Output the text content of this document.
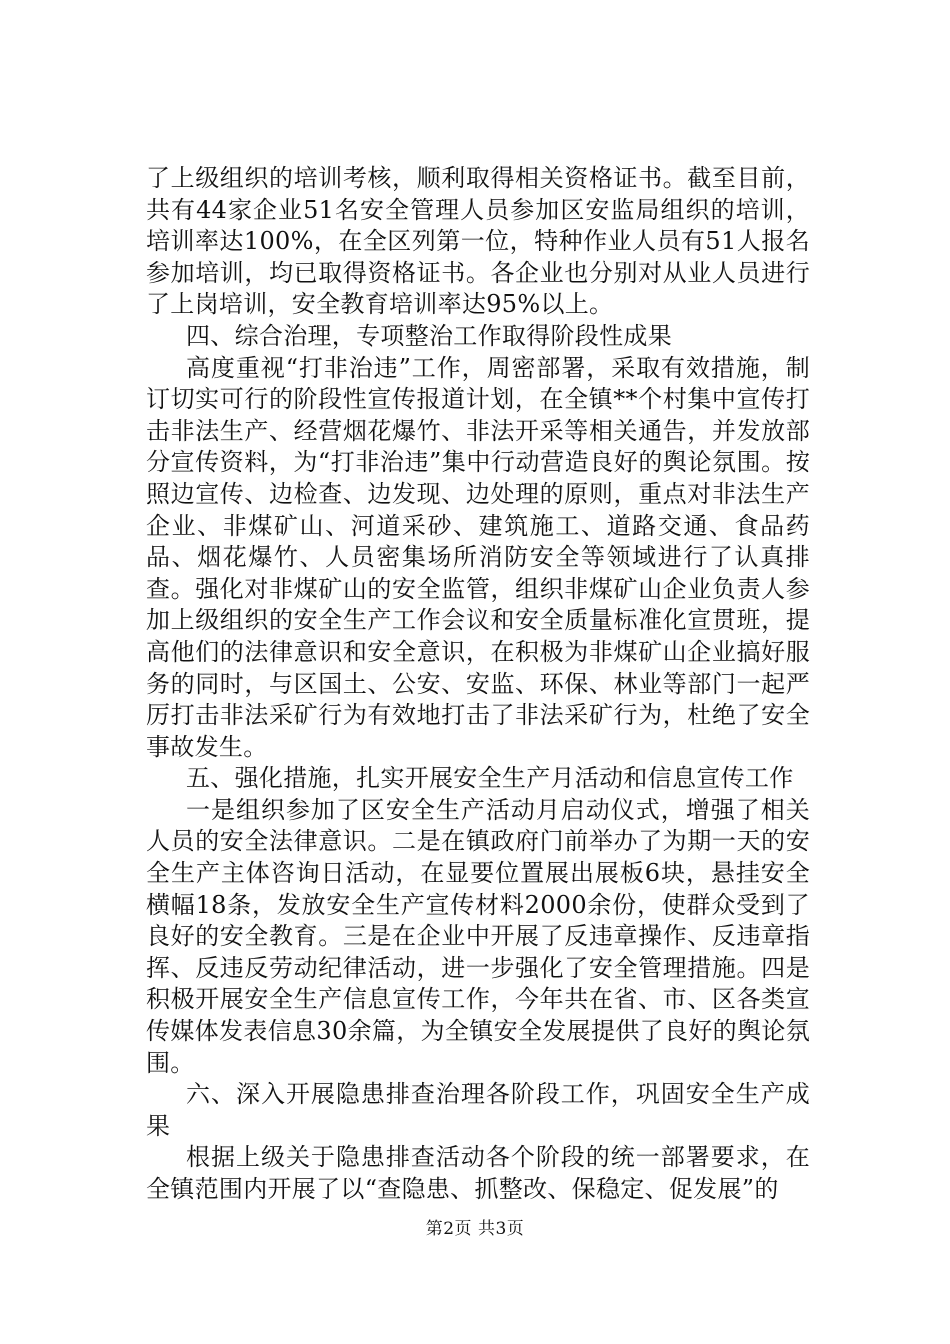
了上级组织的培训考核，顺利取得相关资格证书。截至目前，共有44家企业51名安全管理人员参加区安监局组织的培训，培训率达100%，在全区列第一位，特种作业人员有51人报名参加培训，均已取得资格证书。各企业也分别对从业人员进行了上岗培训，安全教育培训率达95%以上。

四、综合治理，专项整治工作取得阶段性成果

高度重视“打非治违”工作，周密部署，采取有效措施，制订切实可行的阶段性宣传报道计划，在全镇**个村集中宣传打击非法生产、经营烟花爆竹、非法开采等相关通告，并发放部分宣传资料，为“打非治违”集中行动营造良好的舆论氛围。按照边宣传、边检查、边发现、边处理的原则，重点对非法生产企业、非煤矿山、河道采砂、建筑施工、道路交通、食品药品、烟花爆竹、人员密集场所消防安全等领域进行了认真排查。强化对非煤矿山的安全监管，组织非煤矿山企业负责人参加上级组织的安全生产工作会议和安全质量标准化宣贯班，提高他们的法律意识和安全意识，在积极为非煤矿山企业搞好服务的同时，与区国土、公安、安监、环保、林业等部门一起严厉打击非法采矿行为有效地打击了非法采矿行为，杜绝了安全事故发生。

五、强化措施，扎实开展安全生产月活动和信息宣传工作

一是组织参加了区安全生产活动月启动仪式，增强了相关人员的安全法律意识。二是在镇政府门前举办了为期一天的安全生产主体咨询日活动，在显要位置展出展板6块，悬挂安全横幅18条，发放安全生产宣传材料2000余份，使群众受到了良好的安全教育。三是在企业中开展了反违章操作、反违章指挥、反违反劳动纪律活动，进一步强化了安全管理措施。四是积极开展安全生产信息宣传工作，今年共在省、市、区各类宣传媒体发表信息30余篇，为全镇安全发展提供了良好的舆论氛围。

六、深入开展隐患排查治理各阶段工作，巩固安全生产成果

根据上级关于隐患排查活动各个阶段的统一部署要求，在全镇范围内开展了以“查隐患、抓整改、保稳定、促发展”的

第2页 共3页
